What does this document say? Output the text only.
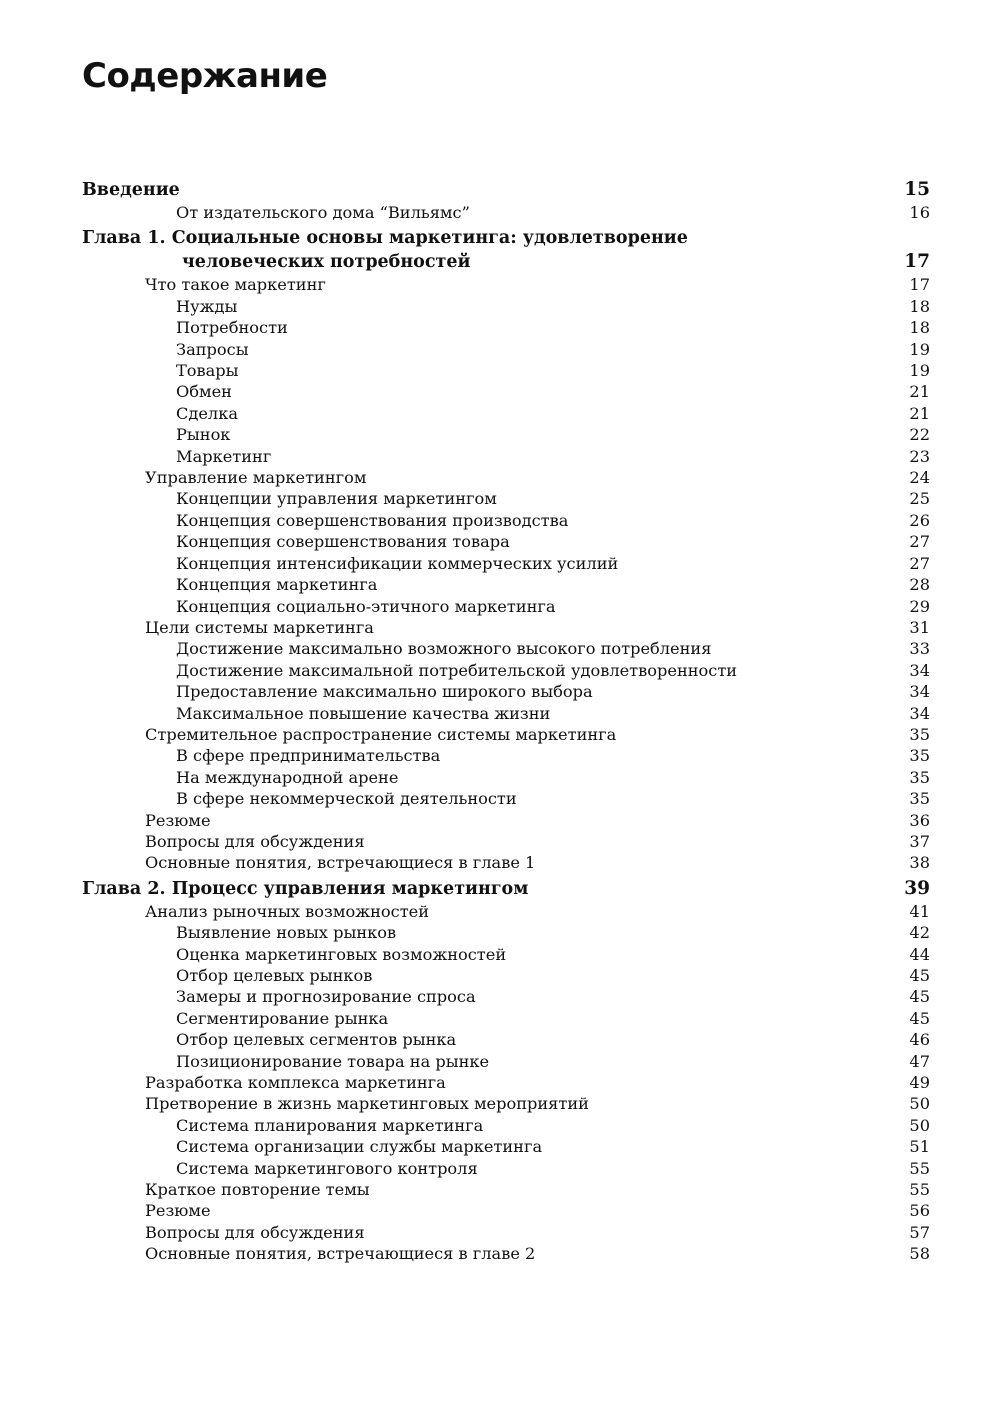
Содержание
Введение	15
От издательского дома “Вильямс”	16
Глава 1. Социальные основы маркетинга: удовлетворение
человеческих потребностей	17
Что такое маркетинг	17
Нужды	18
Потребности	18
Запросы	19
Товары	19
Обмен	21
Сделка	21
Рынок	22
Маркетинг	23
Управление маркетингом	24
Концепции управления маркетингом	25
Концепция совершенствования производства	26
Концепция совершенствования товара	27
Концепция интенсификации коммерческих усилий	27
Концепция маркетинга	28
Концепция социально-этичного маркетинга	29
Цели системы маркетинга	31
Достижение максимально возможного высокого потребления	33
Достижение максимальной потребительской удовлетворенности	34
Предоставление максимально широкого выбора	34
Максимальное повышение качества жизни	34
Стремительное распространение системы маркетинга	35
В сфере предпринимательства	35
На международной арене	35
В сфере некоммерческой деятельности	35
Резюме	36
Вопросы для обсуждения	37
Основные понятия, встречающиеся в главе 1	38
Глава 2. Процесс управления маркетингом	39
Анализ рыночных возможностей	41
Выявление новых рынков	42
Оценка маркетинговых возможностей	44
Отбор целевых рынков	45
Замеры и прогнозирование спроса	45
Сегментирование рынка	45
Отбор целевых сегментов рынка	46
Позиционирование товара на рынке	47
Разработка комплекса маркетинга	49
Претворение в жизнь маркетинговых мероприятий	50
Система планирования маркетинга	50
Система организации службы маркетинга	51
Система маркетингового контроля	55
Краткое повторение темы	55
Резюме	56
Вопросы для обсуждения	57
Основные понятия, встречающиеся в главе 2	58
